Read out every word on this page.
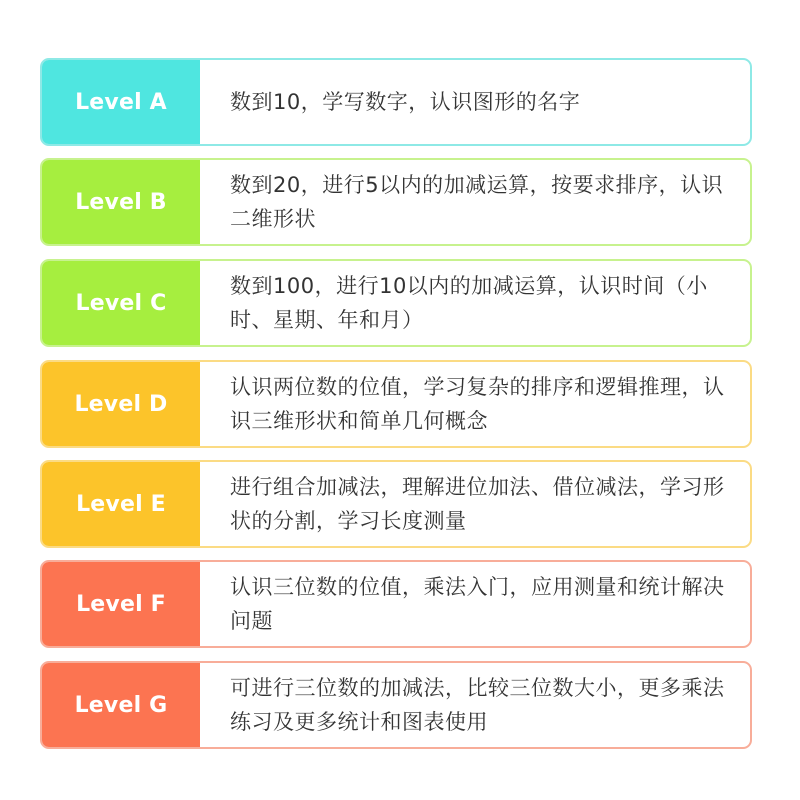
Level A	数到10，学写数字，认识图形的名字
Level B
数到20，进行5以内的加减运算，按要求排序，认识二维形状
Level C
数到100，进行10以内的加减运算，认识时间（小时、星期、年和月）
Level D
认识两位数的位值，学习复杂的排序和逻辑推理，认识三维形状和简单几何概念
Level E
进行组合加减法，理解进位加法、借位减法，学习形状的分割，学习长度测量
Level F
认识三位数的位值，乘法入门，应用测量和统计解决问题
Level G
可进行三位数的加减法，比较三位数大小，更多乘法练习及更多统计和图表使用
